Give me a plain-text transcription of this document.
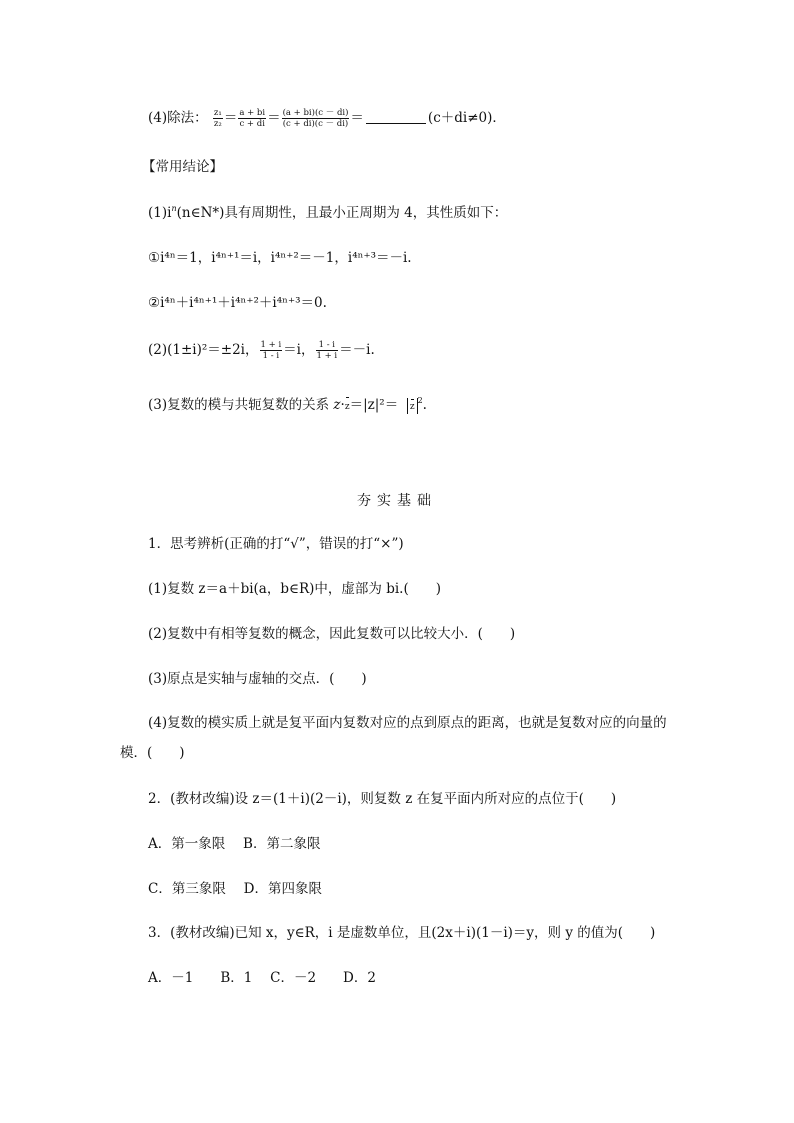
(4)除法： $\frac{\text{z₁}}{\text{z₂}} = \frac{a + bi}{c + di} = \frac{(a + bi)(c - di)}{(c + di)(c - di)}$ ＝	(c＋di≠0)．
【常用结论】
$(1)i^n(n\in N*)$具有周期性，且最小正周期为 4，其性质如下：
①i⁴ⁿ＝1，i⁴ⁿ⁺¹＝i，i⁴ⁿ⁺²＝－1，i⁴ⁿ⁺³＝－i.
②i⁴ⁿ＋i⁴ⁿ⁺¹＋i⁴ⁿ⁺²＋i⁴ⁿ⁺³＝0.
(2)(1±i)²＝±2i， $\frac{1 + i}{1 - i} =i$， $\frac{1 - i}{1 + i} =-i$.
(3)复数的模与共轭复数的关系 $z\cdot z=|z|^2= z^2$.
夯实基础
1．思考辨析(正确的打“√”，错误的打“×”)
(1)复数 z＝a＋bi(a，b∈R)中，虚部为 bi.(　　)
(2)复数中有相等复数的概念，因此复数可以比较大小．(　　)
(3)原点是实轴与虚轴的交点．(　　)
(4)复数的模实质上就是复平面内复数对应的点到原点的距离，也就是复数对应的向量的模．(　　)
2．(教材改编)设 z＝(1＋i)(2－i)，则复数 z 在复平面内所对应的点位于(　　)
A．第一象限　 B．第二象限
C．第三象限　 D．第四象限
3．(教材改编)已知 x，y∈R，i 是虚数单位，且(2x＋i)(1－i)＝y，则 y 的值为(　　)
A．－1　　B．1　 C．－2　　D．2
